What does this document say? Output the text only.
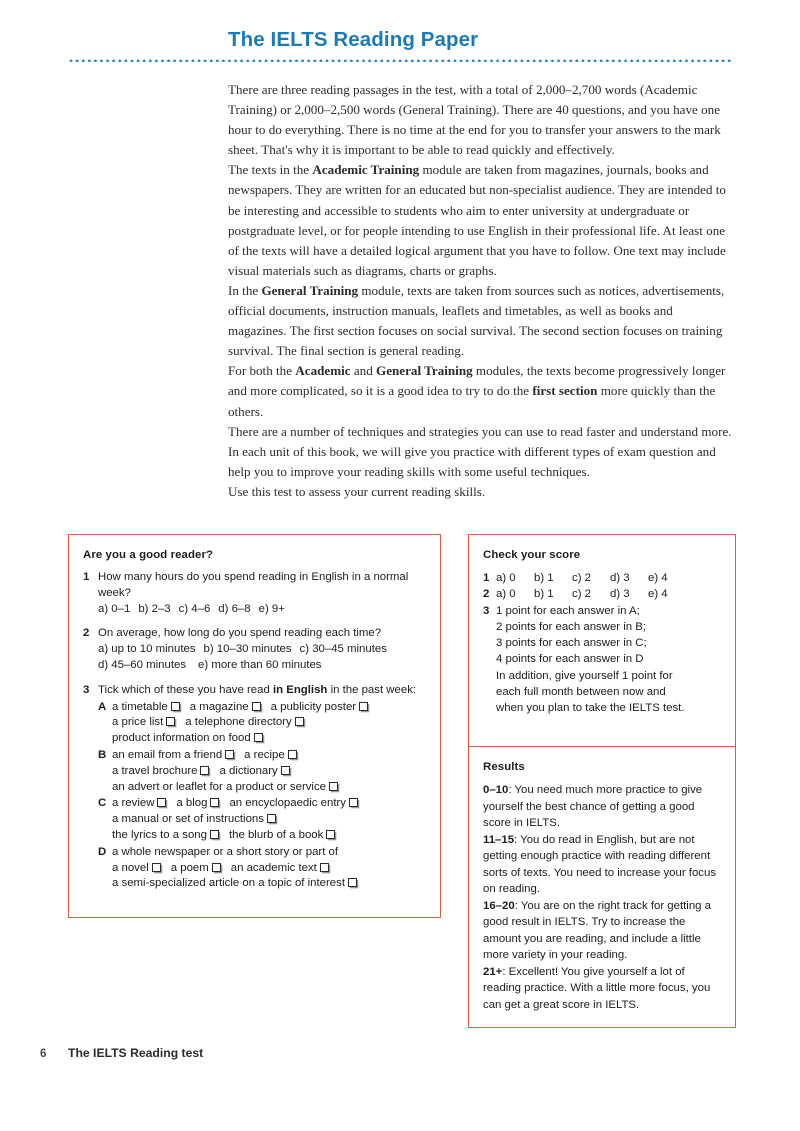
The IELTS Reading Paper

There are three reading passages in the test, with a total of 2,000–2,700 words (Academic Training) or 2,000–2,500 words (General Training). There are 40 questions, and you have one hour to do everything. There is no time at the end for you to transfer your answers to the mark sheet. That's why it is important to be able to read quickly and effectively.

The texts in the Academic Training module are taken from magazines, journals, books and newspapers. They are written for an educated but non-specialist audience. They are intended to be interesting and accessible to students who aim to enter university at undergraduate or postgraduate level, or for people intending to use English in their professional life. At least one of the texts will have a detailed logical argument that you have to follow. One text may include visual materials such as diagrams, charts or graphs.

In the General Training module, texts are taken from sources such as notices, advertisements, official documents, instruction manuals, leaflets and timetables, as well as books and magazines. The first section focuses on social survival. The second section focuses on training survival. The final section is general reading.

For both the Academic and General Training modules, the texts become progressively longer and more complicated, so it is a good idea to try to do the first section more quickly than the others.

There are a number of techniques and strategies you can use to read faster and understand more. In each unit of this book, we will give you practice with different types of exam question and help you to improve your reading skills with some useful techniques.

Use this test to assess your current reading skills.

Are you a good reader?
1 How many hours do you spend reading in English in a normal week?
a) 0–1 b) 2–3 c) 4–6 d) 6–8 e) 9+
2 On average, how long do you spend reading each time?
a) up to 10 minutes b) 10–30 minutes c) 30–45 minutes
d) 45–60 minutes e) more than 60 minutes
3 Tick which of these you have read in English in the past week:
A a timetable a magazine a publicity poster
a price list a telephone directory
product information on food
B an email from a friend a recipe
a travel brochure a dictionary
an advert or leaflet for a product or service
C a review a blog an encyclopaedic entry
a manual or set of instructions
the lyrics to a song the blurb of a book
D a whole newspaper or a short story or part of
a novel a poem an academic text
a semi-specialized article on a topic of interest
Check your score
1 a) 0 b) 1 c) 2 d) 3 e) 4
2 a) 0 b) 1 c) 2 d) 3 e) 4
3 1 point for each answer in A;
2 points for each answer in B;
3 points for each answer in C;
4 points for each answer in D
In addition, give yourself 1 point for
each full month between now and
when you plan to take the IELTS test.
Results
0–10: You need much more practice to give yourself the best chance of getting a good score in IELTS.
11–15: You do read in English, but are not getting enough practice with reading different sorts of texts. You need to increase your focus on reading.
16–20: You are on the right track for getting a good result in IELTS. Try to increase the amount you are reading, and include a little more variety in your reading.
21+: Excellent! You give yourself a lot of reading practice. With a little more focus, you can get a great score in IELTS.
6	The IELTS Reading test
